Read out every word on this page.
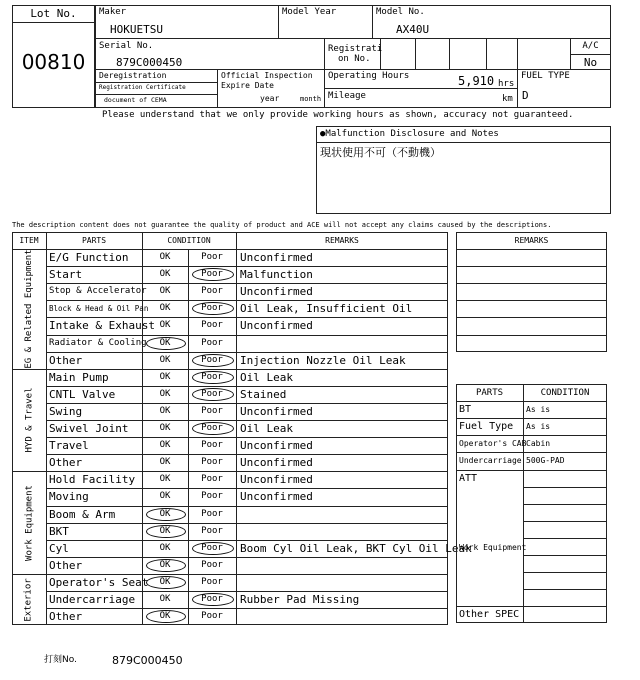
Lot No.
00810
Maker
HOKUETSU
Model Year	Model No.
AX40U
Serial No.
879C000450
Registrati
on No.
A/C
No
Deregistration
Registration Certificate
document of CEMA
Official Inspection
Expire Date
year	month
Operating Hours	5,910 hrs
Mileage	km
FUEL TYPE
D
Please understand that we only provide working hours as shown, accuracy not guaranteed.
●Malfunction Disclosure and Notes
現状使用不可（不動機）
The description content does not guarantee the quality of product and ACE will not accept any claims caused by the descriptions.
ITEM	PARTS	CONDITION	REMARKS
EG & Related Equipment E/G Function	OK	Poor	Unconfirmed
Start	OK	Poor	Malfunction
Stop & Accelerator	OK	Poor	Unconfirmed
Block & Head & Oil Pan	OK	Poor	Oil Leak, Insufficient Oil
Intake & Exhaust OK	Poor	Unconfirmed
Radiator & Cooling	OK	Poor
Other	OK	Poor	Injection Nozzle Oil Leak
HYD & Travel
Main Pump	OK	Poor	Oil Leak
CNTL Valve	OK	Poor	Stained
Swing	OK	Poor	Unconfirmed
Swivel Joint	OK	Poor	Oil Leak
Travel	OK	Poor	Unconfirmed
Other	OK	Poor	Unconfirmed
Work Equipment
Hold Facility	OK	Poor	Unconfirmed
Moving	OK	Poor	Unconfirmed
Boom & Arm	OK	Poor
BKT	OK	Poor
Cyl	OK	Poor	Boom Cyl Oil Leak, BKT Cyl Oil Leak
Other	OK	Poor
Exterior Operator's Seat	OK	Poor
Undercarriage	OK	Poor	Rubber Pad Missing
Other	OK	Poor
REMARKS
PARTS	CONDITION
BT	As is
Fuel Type As is
Operator's CAB Cabin
Undercarriage 500G-PAD
ATT
Work Equipment
Other SPEC
打刻No.	879C000450
